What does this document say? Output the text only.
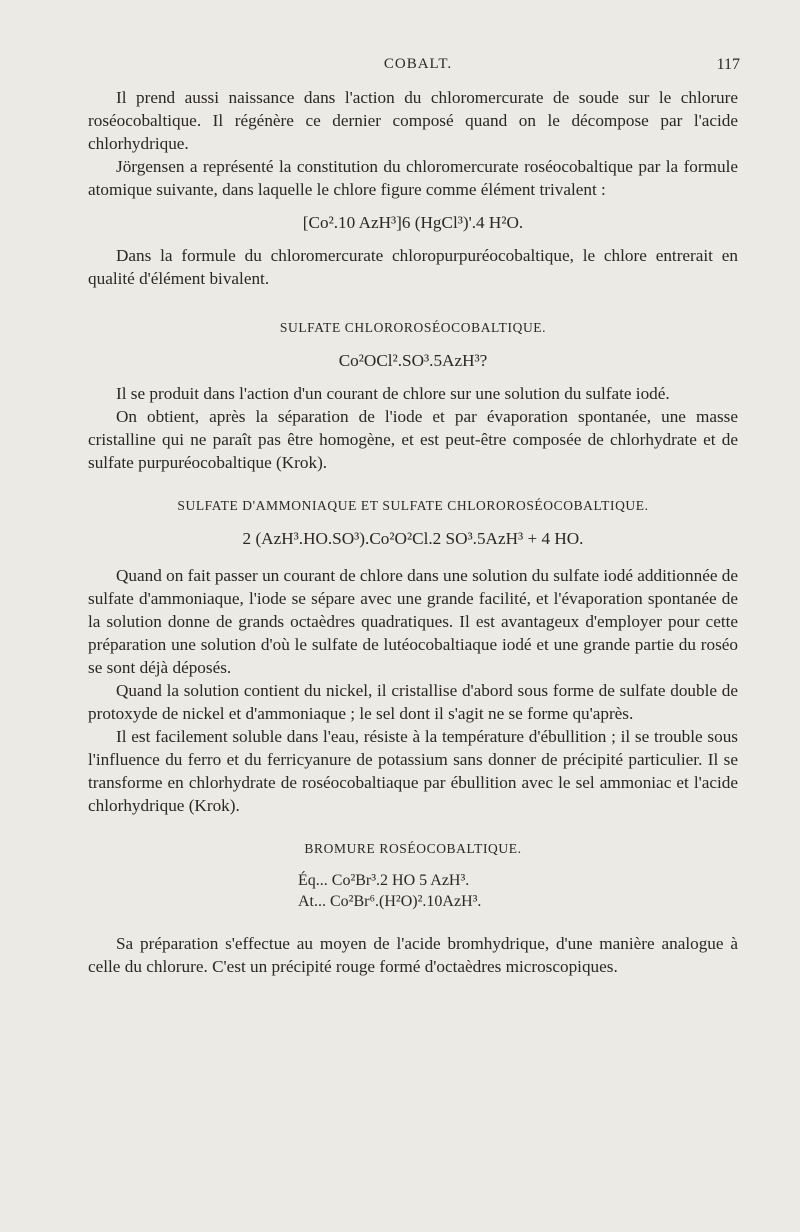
COBALT.	117

Il prend aussi naissance dans l'action du chloromercurate de soude sur le chlorure roséocobaltique. Il régénère ce dernier composé quand on le décompose par l'acide chlorhydrique.

Jörgensen a représenté la constitution du chloromercurate roséocobaltique par la formule atomique suivante, dans laquelle le chlore figure comme élément trivalent :

[Co².10 AzH³]6 (HgCl³)'.4 H²O.

Dans la formule du chloromercurate chloropurpuréocobaltique, le chlore entrerait en qualité d'élément bivalent.

SULFATE CHLOROROSÉOCOBALTIQUE.

Co²OCl².SO³.5AzH³?

Il se produit dans l'action d'un courant de chlore sur une solution du sulfate iodé.

On obtient, après la séparation de l'iode et par évaporation spontanée, une masse cristalline qui ne paraît pas être homogène, et est peut-être composée de chlorhydrate et de sulfate purpuréocobaltique (Krok).

SULFATE D'AMMONIAQUE ET SULFATE CHLOROROSÉOCOBALTIQUE.

2 (AzH³.HO.SO³).Co²O²Cl.2 SO³.5AzH³ + 4 HO.

Quand on fait passer un courant de chlore dans une solution du sulfate iodé additionnée de sulfate d'ammoniaque, l'iode se sépare avec une grande facilité, et l'évaporation spontanée de la solution donne de grands octaèdres quadratiques. Il est avantageux d'employer pour cette préparation une solution d'où le sulfate de lutéocobaltiaque iodé et une grande partie du roséo se sont déjà déposés.

Quand la solution contient du nickel, il cristallise d'abord sous forme de sulfate double de protoxyde de nickel et d'ammoniaque ; le sel dont il s'agit ne se forme qu'après.

Il est facilement soluble dans l'eau, résiste à la température d'ébullition ; il se trouble sous l'influence du ferro et du ferricyanure de potassium sans donner de précipité particulier. Il se transforme en chlorhydrate de roséocobaltiaque par ébullition avec le sel ammoniac et l'acide chlorhydrique (Krok).

BROMURE ROSÉOCOBALTIQUE.

Éq... Co²Br³.2 HO 5 AzH³.
At... Co²Br⁶.(H²O)².10AzH³.

Sa préparation s'effectue au moyen de l'acide bromhydrique, d'une manière analogue à celle du chlorure. C'est un précipité rouge formé d'octaèdres microscopiques.
